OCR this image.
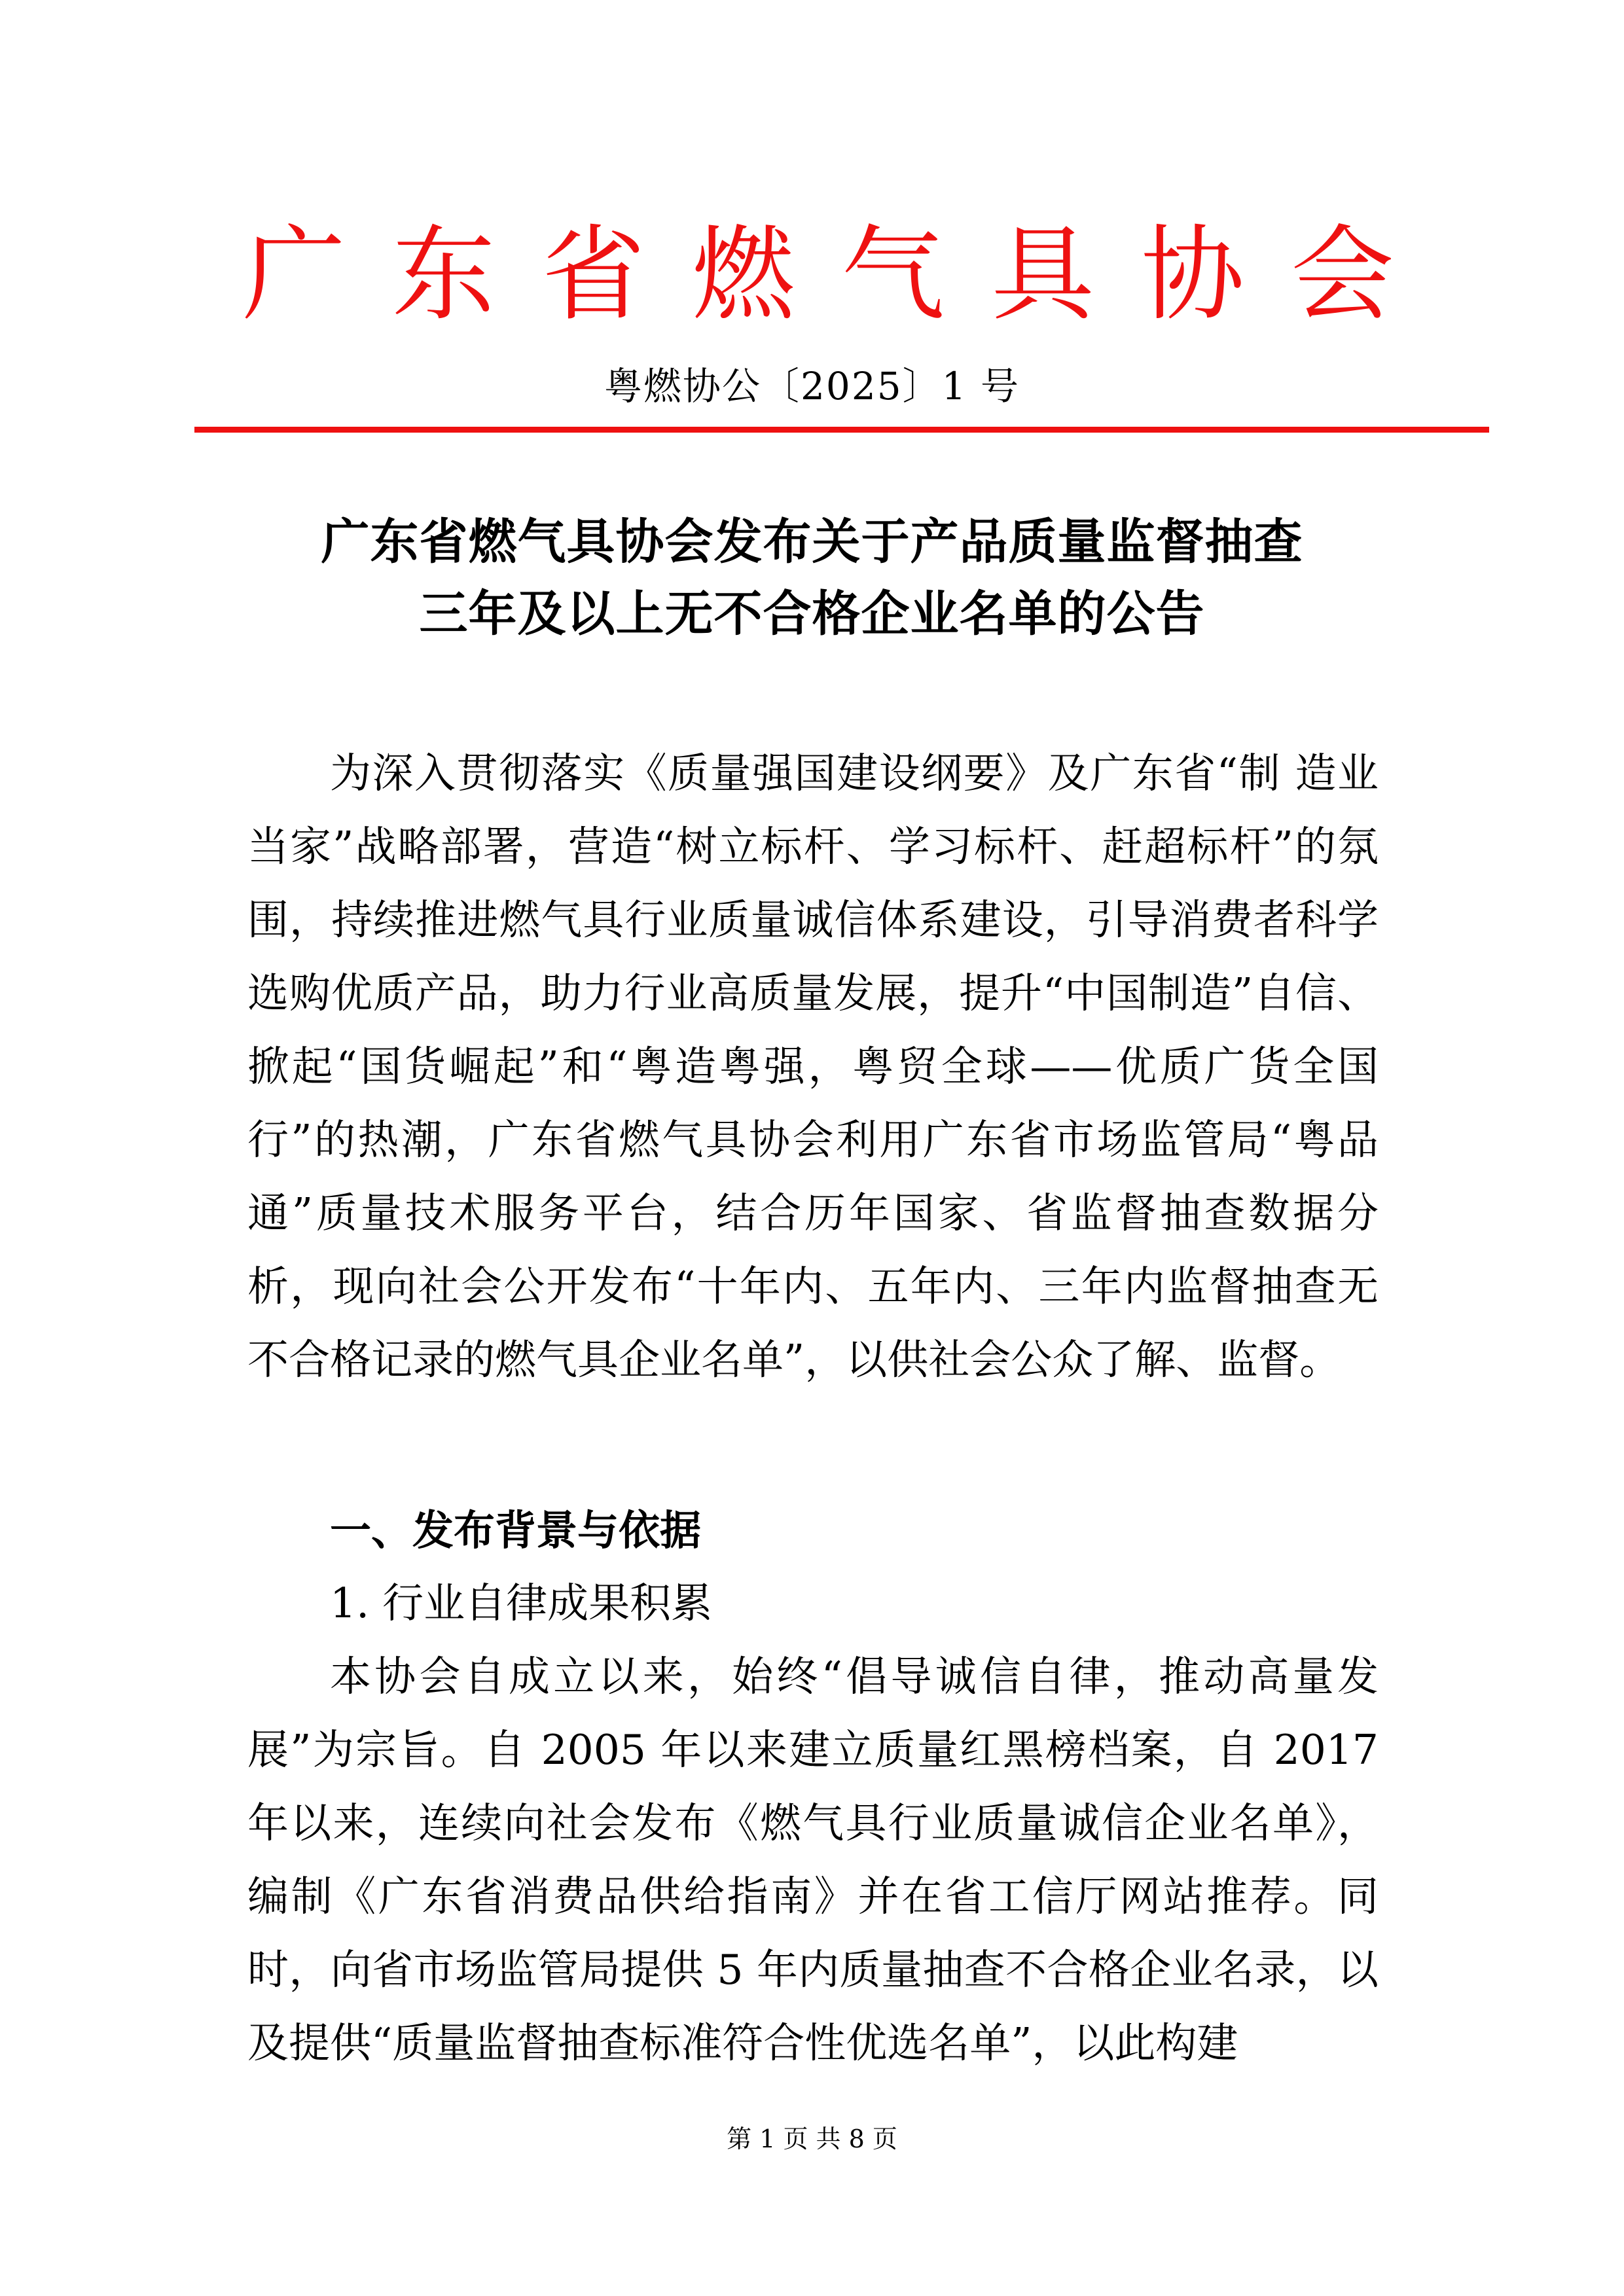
广 东 省 燃 气 具 协 会
粤燃协公〔2025〕1 号
广东省燃气具协会发布关于产品质量监督抽查
三年及以上无不合格企业名单的公告

为深入贯彻落实《质量强国建设纲要》及广东省“制 造业当家”战略部署，营造“树立标杆、学习标杆、赶超标杆”的氛围，持续推进燃气具行业质量诚信体系建设，引导消费者科学选购优质产品，助力行业高质量发展，提升“中国制造”自信、掀起“国货崛起”和“粤造粤强，粤贸全球——优质广货全国行”的热潮，广东省燃气具协会利用广东省市场监管局“粤品通”质量技术服务平台，结合历年国家、省监督抽查数据分析，现向社会公开发布“十年内、五年内、三年内监督抽查无不合格记录的燃气具企业名单”，以供社会公众了解、监督。

一、发布背景与依据
1. 行业自律成果积累

本协会自成立以来，始终“倡导诚信自律，推动高量发展”为宗旨。自 2005 年以来建立质量红黑榜档案，自 2017 年以来，连续向社会发布《燃气具行业质量诚信企业名单》，编制《广东省消费品供给指南》并在省工信厅网站推荐。同时，向省市场监管局提供 5 年内质量抽查不合格企业名录，以及提供“质量监督抽查标准符合性优选名单”，以此构建

第 1 页 共 8 页
